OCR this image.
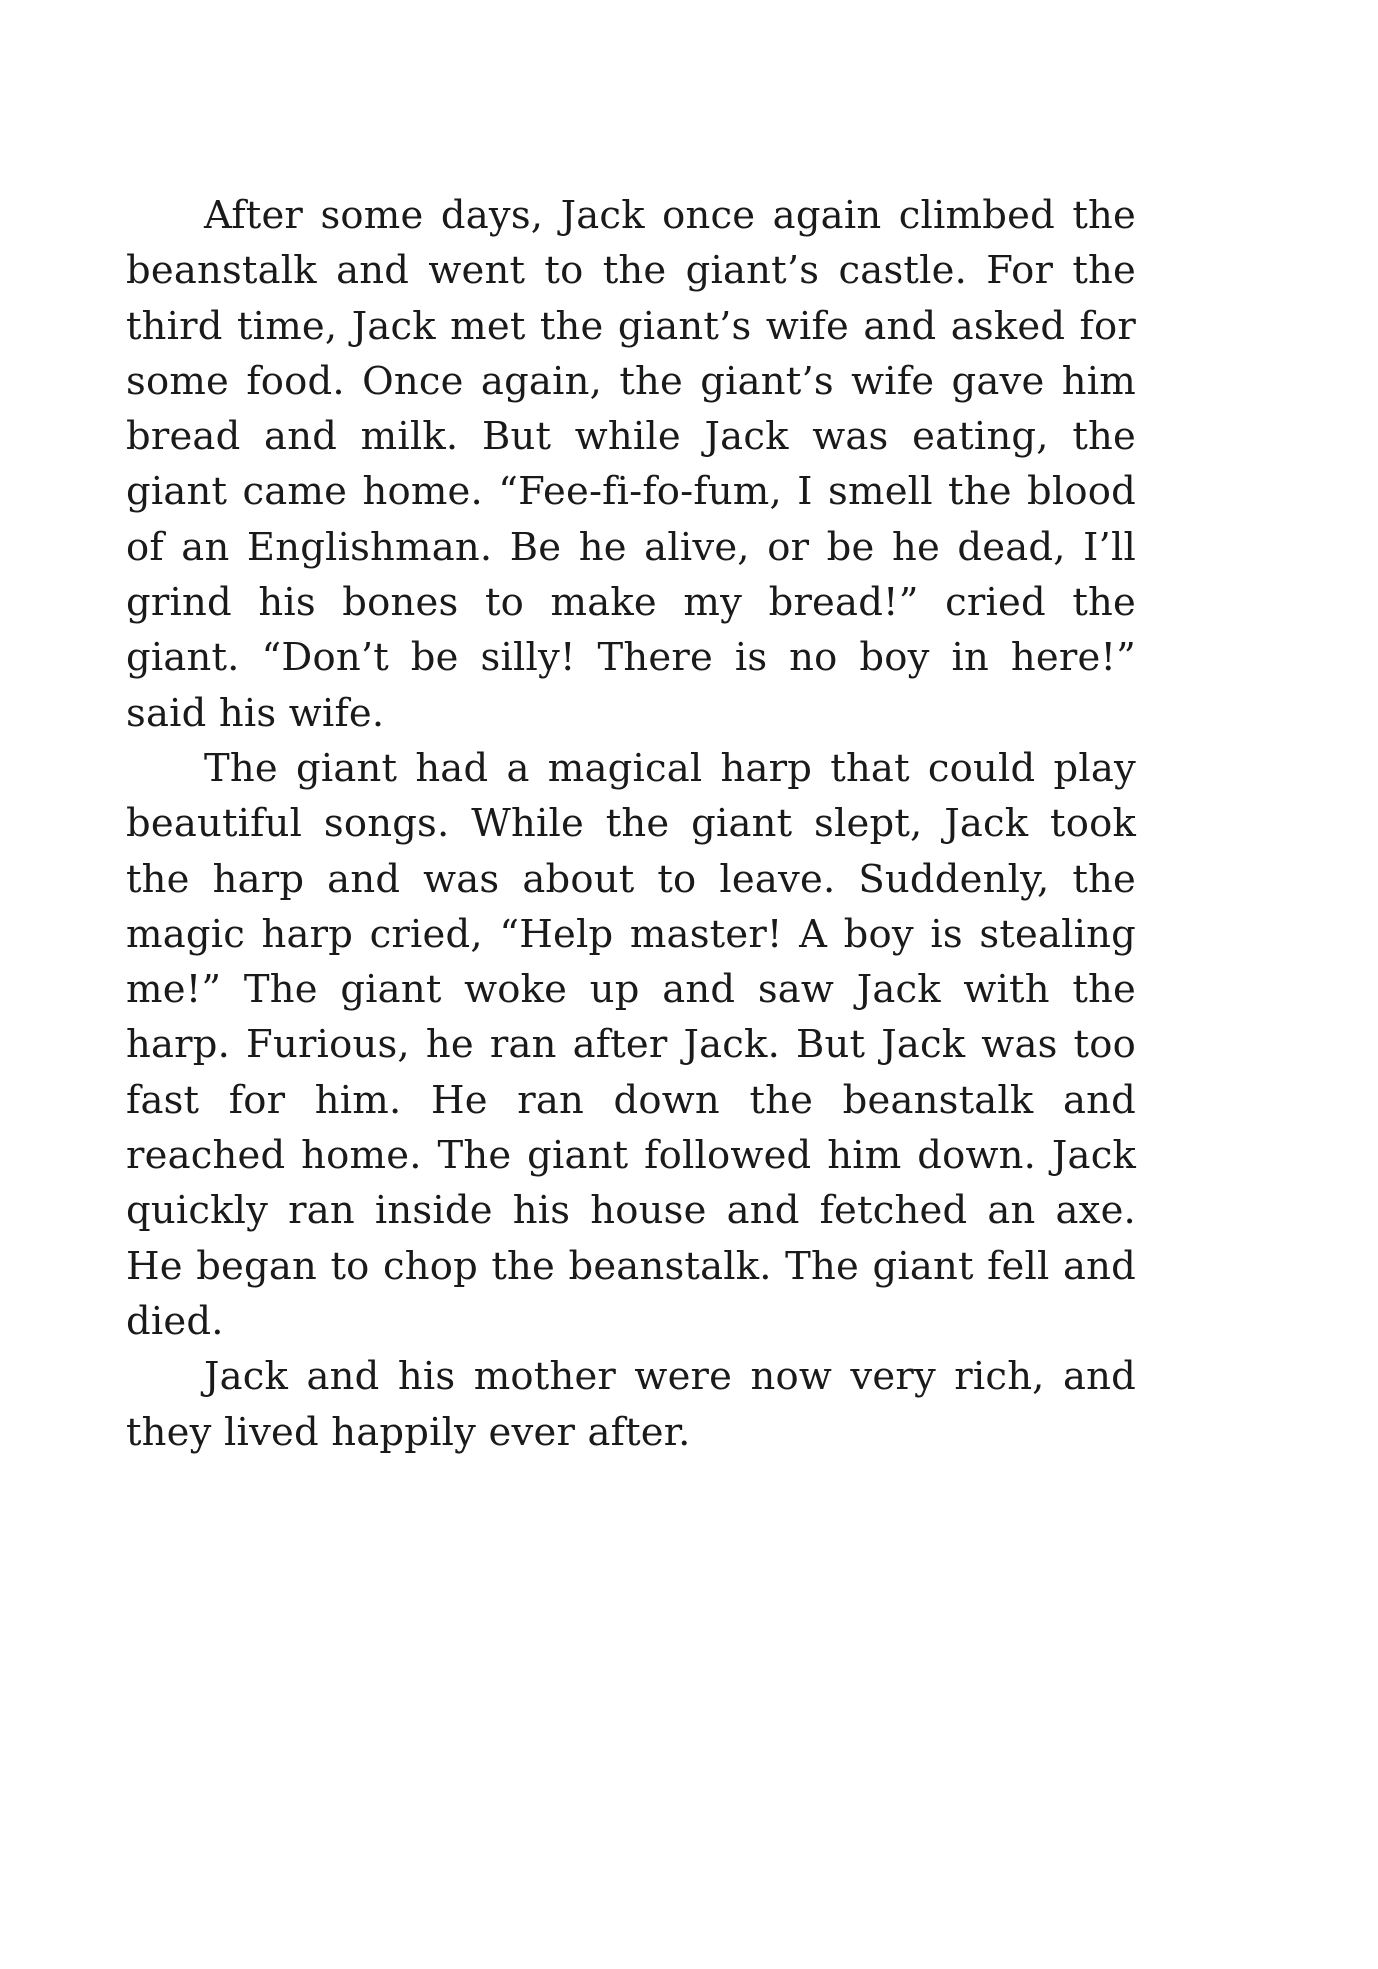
After some days, Jack once again climbed the beanstalk and went to the giant’s castle. For the third time, Jack met the giant’s wife and asked for some food. Once again, the giant’s wife gave him bread and milk. But while Jack was eating, the giant came home. “Fee-fi-fo-fum, I smell the blood of an Englishman. Be he alive, or be he dead, I’ll grind his bones to make my bread!” cried the giant. “Don’t be silly! There is no boy in here!” said his wife.

The giant had a magical harp that could play beautiful songs. While the giant slept, Jack took the harp and was about to leave. Suddenly, the magic harp cried, “Help master! A boy is stealing me!” The giant woke up and saw Jack with the harp. Furious, he ran after Jack. But Jack was too fast for him. He ran down the beanstalk and reached home. The giant followed him down. Jack quickly ran inside his house and fetched an axe. He began to chop the beanstalk. The giant fell and died.

Jack and his mother were now very rich, and they lived happily ever after.
